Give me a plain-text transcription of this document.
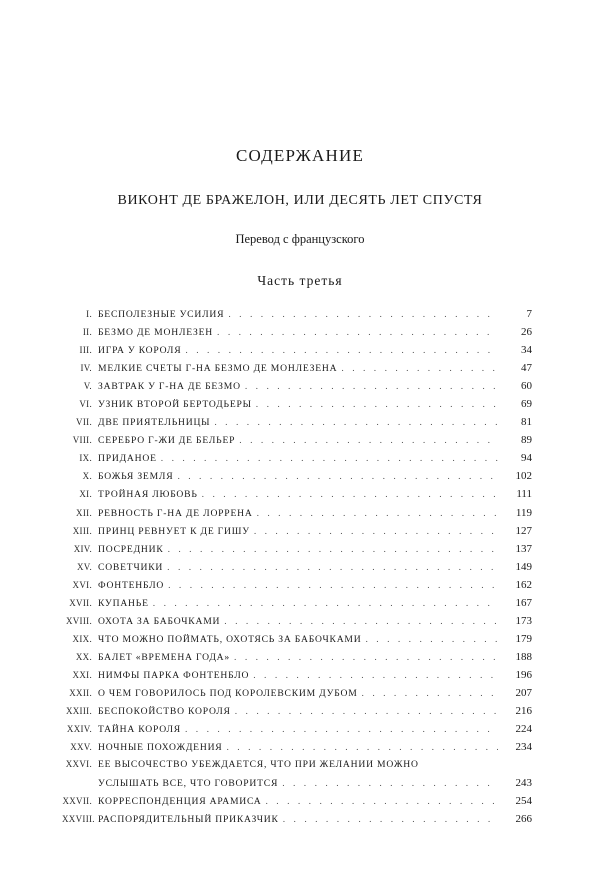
СОДЕРЖАНИЕ
ВИКОНТ ДЕ БРАЖЕЛОН, ИЛИ ДЕСЯТЬ ЛЕТ СПУСТЯ
Перевод с французского
Часть третья
I. БЕСПОЛЕЗНЫЕ УСИЛИЯ . . .	7
II. БЕЗМО ДЕ МОНЛЕЗЕН . . .	26
III. ИГРА У КОРОЛЯ . . .	34
IV. МЕЛКИЕ СЧЕТЫ Г-НА БЕЗМО ДЕ МОНЛЕЗЕНА . . .	47
V. ЗАВТРАК У Г-НА ДЕ БЕЗМО . . .	60
VI. УЗНИК ВТОРОЙ БЕРТОДЬЕРЫ . . .	69
VII. ДВЕ ПРИЯТЕЛЬНИЦЫ . . .	81
VIII. СЕРЕБРО Г-ЖИ ДЕ БЕЛЬЕР . . .	89
IX. ПРИДАНОЕ . . .	94
X. БОЖЬЯ ЗЕМЛЯ . . .	102
XI. ТРОЙНАЯ ЛЮБОВЬ . . .	111
XII. РЕВНОСТЬ Г-НА ДЕ ЛОРРЕНА . . .	119
XIII. ПРИНЦ РЕВНУЕТ К ДЕ ГИШУ . . .	127
XIV. ПОСРЕДНИК . . .	137
XV. СОВЕТЧИКИ . . .	149
XVI. ФОНТЕНБЛО . . .	162
XVII. КУПАНЬЕ . . .	167
XVIII. ОХОТА ЗА БАБОЧКАМИ . . .	173
XIX. ЧТО МОЖНО ПОЙМАТЬ, ОХОТЯСЬ ЗА БАБОЧКАМИ . . .	179
XX. БАЛЕТ «ВРЕМЕНА ГОДА» . . .	188
XXI. НИМФЫ ПАРКА ФОНТЕНБЛО . . .	196
XXII. О ЧЕМ ГОВОРИЛОСЬ ПОД КОРОЛЕВСКИМ ДУБОМ . . .	207
XXIII. БЕСПОКОЙСТВО КОРОЛЯ . . .	216
XXIV. ТАЙНА КОРОЛЯ . . .	224
XXV. НОЧНЫЕ ПОХОЖДЕНИЯ . . .	234
XXVI. ЕЕ ВЫСОЧЕСТВО УБЕЖДАЕТСЯ, ЧТО ПРИ ЖЕЛАНИИ МОЖНО
УСЛЫШАТЬ ВСЕ, ЧТО ГОВОРИТСЯ . . .	243
XXVII. КОРРЕСПОНДЕНЦИЯ АРАМИСА . . .	254
XXVIII. РАСПОРЯДИТЕЛЬНЫЙ ПРИКАЗЧИК . . .	266
